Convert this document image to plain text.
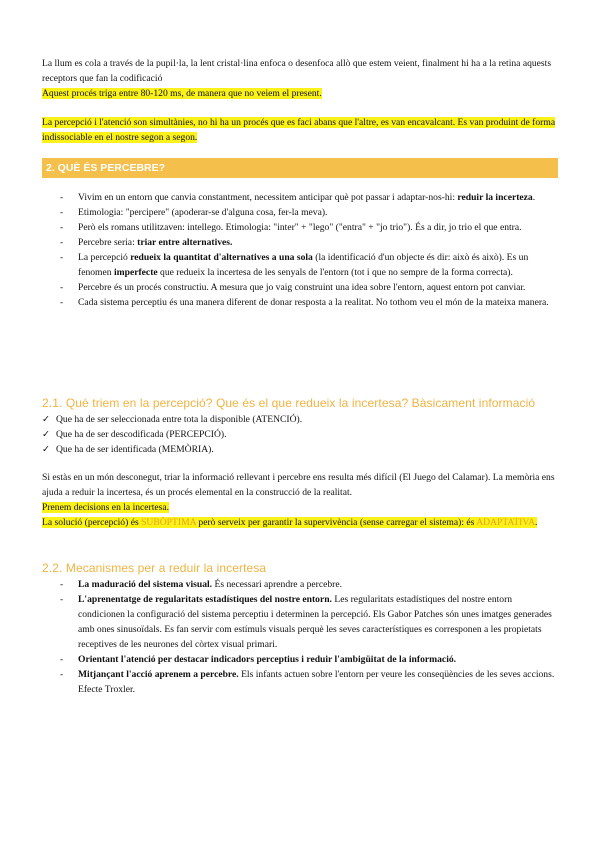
La llum es cola a través de la pupil·la, la lent cristal·lina enfoca o desenfoca allò que estem veient, finalment hi ha a la retina aquests receptors que fan la codificació
Aquest procés triga entre 80-120 ms, de manera que no veiem el present.
La percepció i l'atenció son simultànies, no hi ha un procés que es faci abans que l'altre, es van encavalcant. Es van produint de forma indissociable en el nostre segon a segon.
2. QUÈ ÉS PERCEBRE?
- Vivim en un entorn que canvia constantment, necessitem anticipar què pot passar i adaptar-nos-hi: reduir la incerteza.
- Etimologia: "percipere" (apoderar-se d'alguna cosa, fer-la meva).
- Però els romans utilitzaven: intellego. Etimologia: "inter" + "lego" ("entra" + "jo trio"). És a dir, jo trio el que entra.
- Percebre seria: triar entre alternatives.
- La percepció redueix la quantitat d'alternatives a una sola (la identificació d'un objecte és dir: això és això). Es un fenomen imperfecte que redueix la incertesa de les senyals de l'entorn (tot i que no sempre de la forma correcta).
- Percebre és un procés constructiu. A mesura que jo vaig construint una idea sobre l'entorn, aquest entorn pot canviar.
- Cada sistema perceptiu és una manera diferent de donar resposta a la realitat. No tothom veu el món de la mateixa manera.
2.1. Què triem en la percepció? Que és el que redueix la incertesa? Bàsicament informació
✓ Que ha de ser seleccionada entre tota la disponible (ATENCIÓ).
✓ Que ha de ser descodificada (PERCEPCIÓ).
✓ Que ha de ser identificada (MEMÒRIA).
Si estàs en un món desconegut, triar la informació rellevant i percebre ens resulta més difícil (El Juego del Calamar). La memòria ens ajuda a reduir la incertesa, és un procés elemental en la construcció de la realitat.
Prenem decisions en la incertesa.
La solució (percepció) és SUBÒPTIMA però serveix per garantir la supervivència (sense carregar el sistema): és ADAPTATIVA.
2.2. Mecanismes per a reduir la incertesa
- La maduració del sistema visual. És necessari aprendre a percebre.
- L'aprenentatge de regularitats estadístiques del nostre entorn. Les regularitats estadístiques del nostre entorn condicionen la configuració del sistema perceptiu i determinen la percepció. Els Gabor Patches són unes imatges generades amb ones sinusoïdals. Es fan servir com estímuls visuals perquè les seves característiques es corresponen a les propietats receptives de les neurones del còrtex visual primari.
- Orientant l'atenció per destacar indicadors perceptius i reduir l'ambigüitat de la informació.
- Mitjançant l'acció aprenem a percebre. Els infants actuen sobre l'entorn per veure les conseqüències de les seves accions. Efecte Troxler.
